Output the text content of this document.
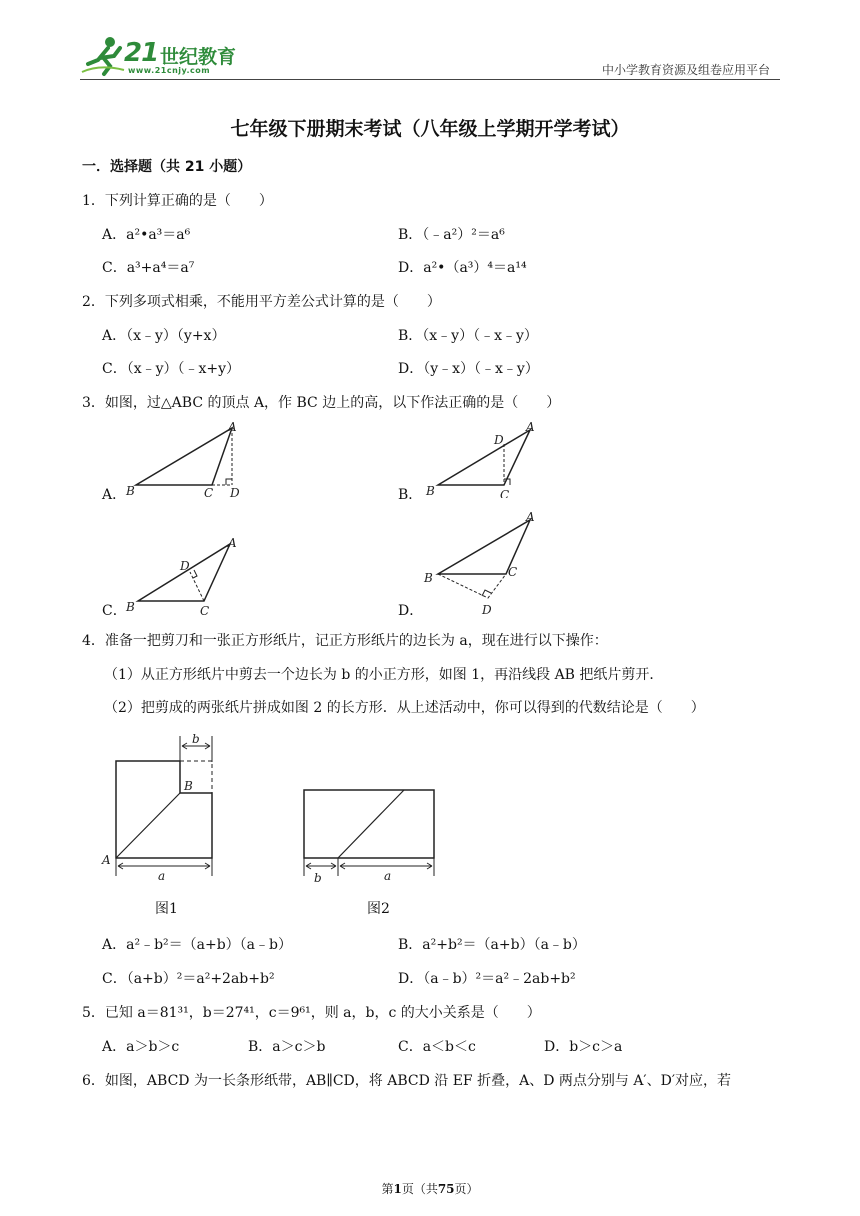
21 世纪教育
www.21cnjy.com	中小学教育资源及组卷应用平台
七年级下册期末考试（八年级上学期开学考试）
一．选择题（共 21 小题）
1．下列计算正确的是（　　）
A．a²•a³＝a⁶	B．（﹣a²）²＝a⁶
C．a³+a⁴＝a⁷	D．a²•（a³）⁴＝a¹⁴
2．下列多项式相乘，不能用平方差公式计算的是（　　）
A．（x﹣y）（y+x）	B．（x﹣y）（﹣x﹣y）
C．（x﹣y）（﹣x+y）	D．（y﹣x）（﹣x﹣y）
3．如图，过△ABC 的顶点 A，作 BC 边上的高，以下作法正确的是（　　）
A．
A
B	C D	B．
A
B	C
D
C．
A
B	C
D
D．
A
B	C
D
4．准备一把剪刀和一张正方形纸片，记正方形纸片的边长为 a，现在进行以下操作：
（1）从正方形纸片中剪去一个边长为 b 的小正方形，如图 1，再沿线段 AB 把纸片剪开．
（2）把剪成的两张纸片拼成如图 2 的长方形．从上述活动中，你可以得到的代数结论是（　　）
b
B
A
a
图1
b	a
图2
A．a²﹣b²＝（a+b）（a﹣b）	B．a²+b²＝（a+b）（a﹣b）
C．（a+b）²＝a²+2ab+b²	D．（a﹣b）²＝a²﹣2ab+b²
5．已知 a＝81³¹，b＝27⁴¹，c＝9⁶¹，则 a，b，c 的大小关系是（　　）
A．a＞b＞c	B．a＞c＞b	C．a＜b＜c	D．b＞c＞a
6．如图，ABCD 为一长条形纸带，AB∥CD，将 ABCD 沿 EF 折叠，A、D 两点分别与 A′、D′对应，若
第1页（共75页）
